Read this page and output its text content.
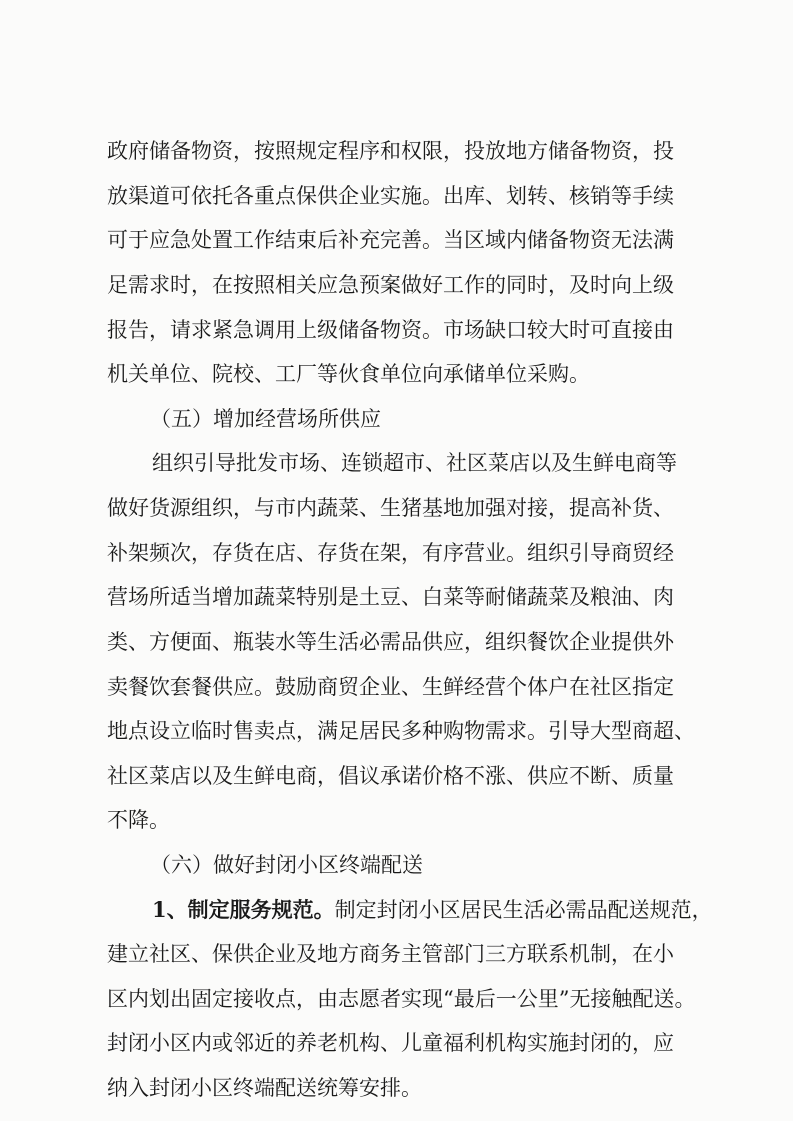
政府储备物资，按照规定程序和权限，投放地方储备物资，投
放渠道可依托各重点保供企业实施。出库、划转、核销等手续
可于应急处置工作结束后补充完善。当区域内储备物资无法满
足需求时，在按照相关应急预案做好工作的同时，及时向上级
报告，请求紧急调用上级储备物资。市场缺口较大时可直接由
机关单位、院校、工厂等伙食单位向承储单位采购。
（五）增加经营场所供应
组织引导批发市场、连锁超市、社区菜店以及生鲜电商等
做好货源组织，与市内蔬菜、生猪基地加强对接，提高补货、
补架频次，存货在店、存货在架，有序营业。组织引导商贸经
营场所适当增加蔬菜特别是土豆、白菜等耐储蔬菜及粮油、肉
类、方便面、瓶装水等生活必需品供应，组织餐饮企业提供外
卖餐饮套餐供应。鼓励商贸企业、生鲜经营个体户在社区指定
地点设立临时售卖点，满足居民多种购物需求。引导大型商超、
社区菜店以及生鲜电商，倡议承诺价格不涨、供应不断、质量
不降。
（六）做好封闭小区终端配送
1、制定服务规范。制定封闭小区居民生活必需品配送规范，
建立社区、保供企业及地方商务主管部门三方联系机制，在小
区内划出固定接收点，由志愿者实现“最后一公里”无接触配送。
封闭小区内或邻近的养老机构、儿童福利机构实施封闭的，应
纳入封闭小区终端配送统筹安排。
